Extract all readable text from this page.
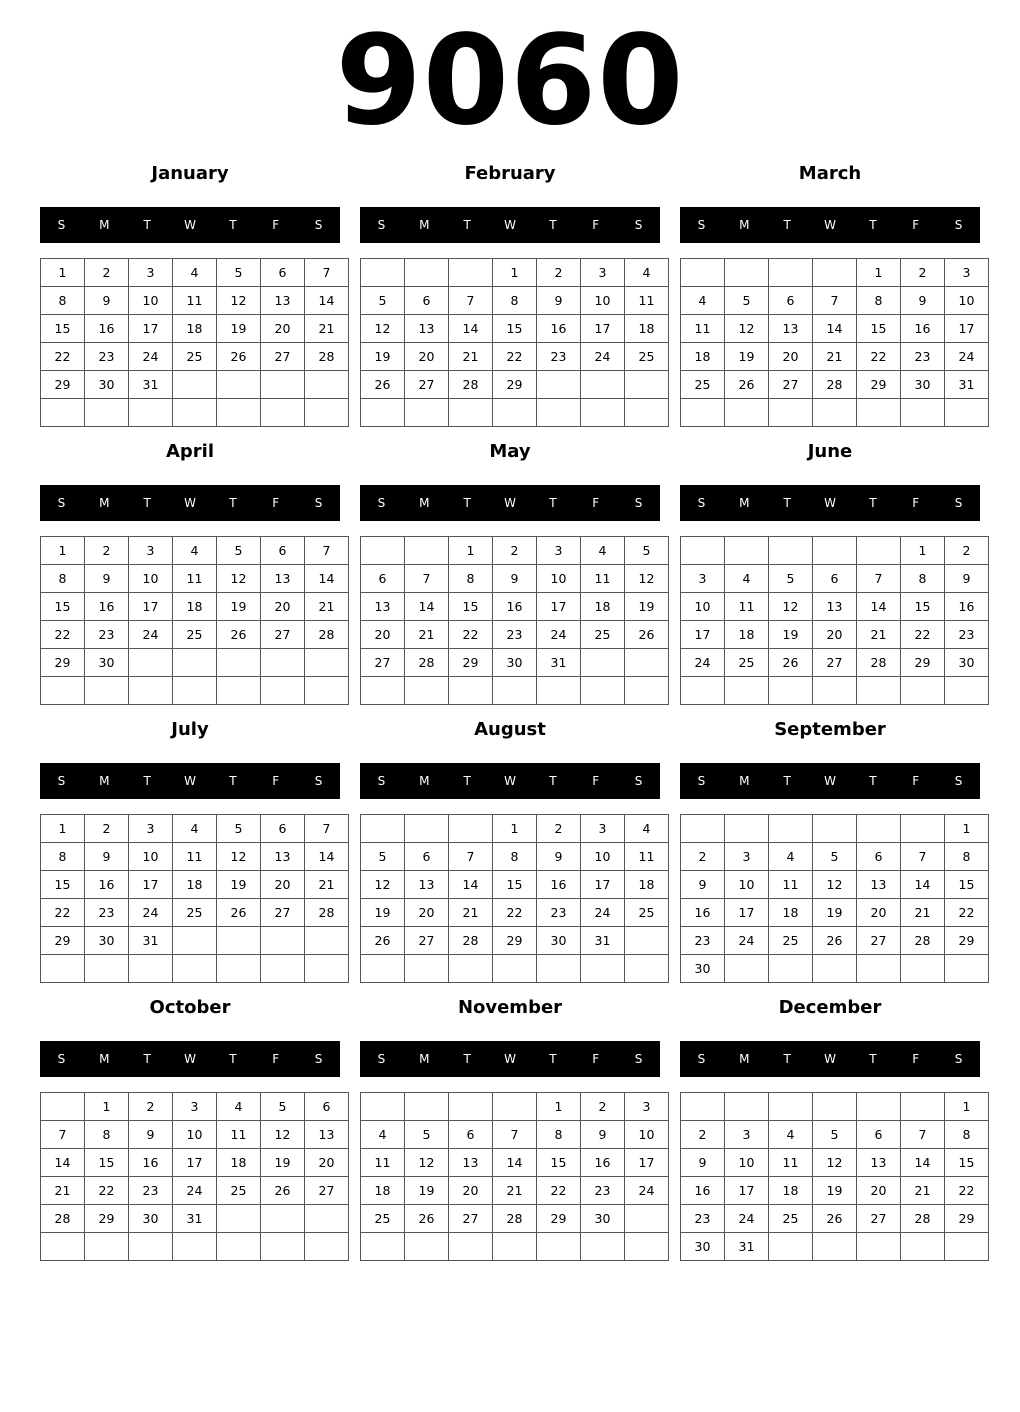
9060
January
S	M	T	W	T	F	S
1	2	3	4	5	6	7
8	9	10	11	12	13	14
15	16	17	18	19	20	21
22	23	24	25	26	27	28
29	30	31				

February
S	M	T	W	T	F	S
			1	2	3	4
5	6	7	8	9	10	11
12	13	14	15	16	17	18
19	20	21	22	23	24	25
26	27	28	29			

March
S	M	T	W	T	F	S
				1	2	3
4	5	6	7	8	9	10
11	12	13	14	15	16	17
18	19	20	21	22	23	24
25	26	27	28	29	30	31

April
S	M	T	W	T	F	S
1	2	3	4	5	6	7
8	9	10	11	12	13	14
15	16	17	18	19	20	21
22	23	24	25	26	27	28
29	30					

May
S	M	T	W	T	F	S
		1	2	3	4	5
6	7	8	9	10	11	12
13	14	15	16	17	18	19
20	21	22	23	24	25	26
27	28	29	30	31		

June
S	M	T	W	T	F	S
					1	2
3	4	5	6	7	8	9
10	11	12	13	14	15	16
17	18	19	20	21	22	23
24	25	26	27	28	29	30

July
S	M	T	W	T	F	S
1	2	3	4	5	6	7
8	9	10	11	12	13	14
15	16	17	18	19	20	21
22	23	24	25	26	27	28
29	30	31				

August
S	M	T	W	T	F	S
			1	2	3	4
5	6	7	8	9	10	11
12	13	14	15	16	17	18
19	20	21	22	23	24	25
26	27	28	29	30	31	

September
S	M	T	W	T	F	S
						1
2	3	4	5	6	7	8
9	10	11	12	13	14	15
16	17	18	19	20	21	22
23	24	25	26	27	28	29
30						
October
S	M	T	W	T	F	S
	1	2	3	4	5	6
7	8	9	10	11	12	13
14	15	16	17	18	19	20
21	22	23	24	25	26	27
28	29	30	31			

November
S	M	T	W	T	F	S
				1	2	3
4	5	6	7	8	9	10
11	12	13	14	15	16	17
18	19	20	21	22	23	24
25	26	27	28	29	30	

December
S	M	T	W	T	F	S
						1
2	3	4	5	6	7	8
9	10	11	12	13	14	15
16	17	18	19	20	21	22
23	24	25	26	27	28	29
30	31					
